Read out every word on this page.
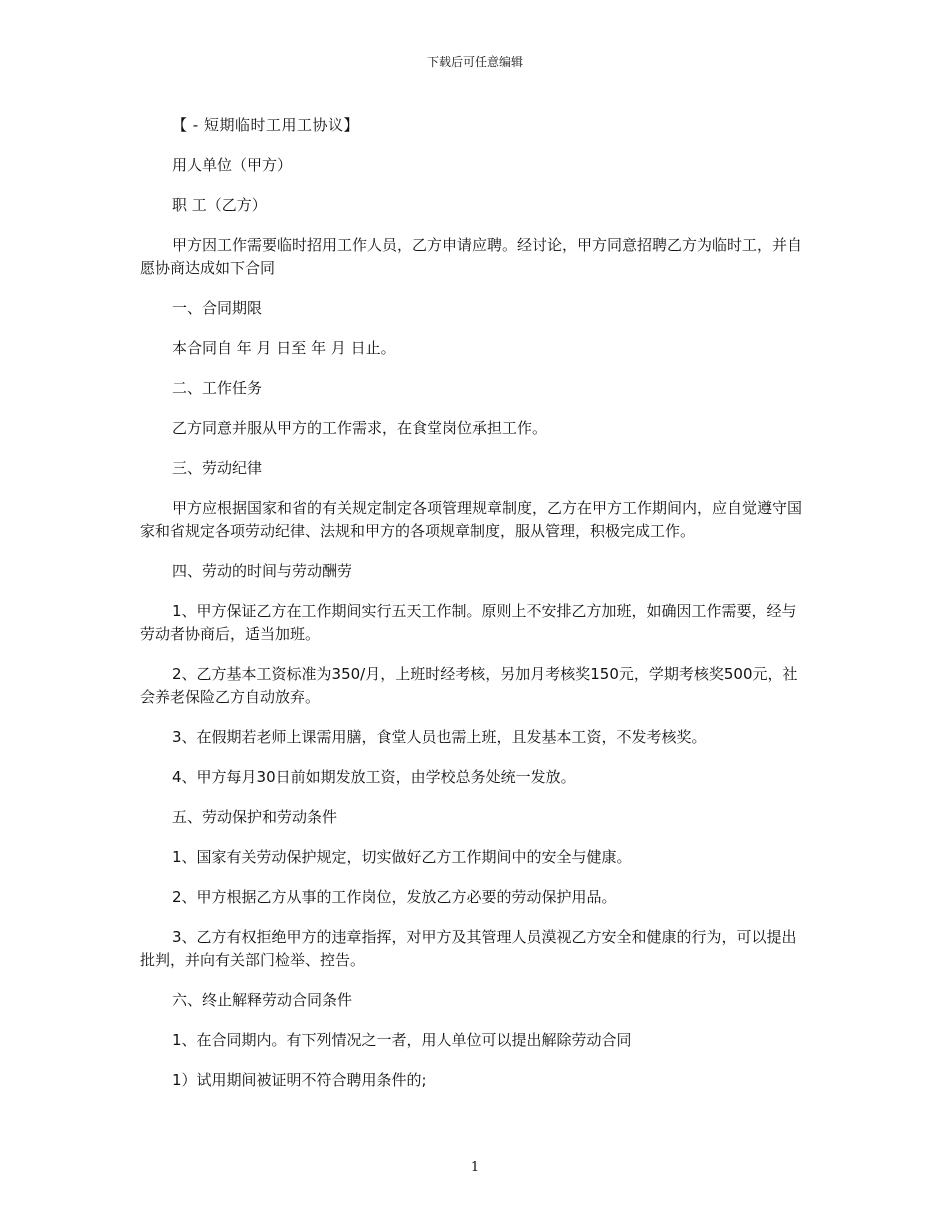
下载后可任意编辑

【 - 短期临时工用工协议】

用人单位（甲方）

职 工（乙方）

甲方因工作需要临时招用工作人员，乙方申请应聘。经讨论，甲方同意招聘乙方为临时工，并自愿协商达成如下合同

一、合同期限

本合同自 年 月 日至 年 月 日止。

二、工作任务

乙方同意并服从甲方的工作需求，在食堂岗位承担工作。

三、劳动纪律

甲方应根据国家和省的有关规定制定各项管理规章制度，乙方在甲方工作期间内，应自觉遵守国家和省规定各项劳动纪律、法规和甲方的各项规章制度，服从管理，积极完成工作。

四、劳动的时间与劳动酬劳

1、甲方保证乙方在工作期间实行五天工作制。原则上不安排乙方加班，如确因工作需要，经与劳动者协商后，适当加班。

2、乙方基本工资标准为350/月，上班时经考核，另加月考核奖150元，学期考核奖500元，社会养老保险乙方自动放弃。

3、在假期若老师上课需用膳，食堂人员也需上班，且发基本工资，不发考核奖。

4、甲方每月30日前如期发放工资，由学校总务处统一发放。

五、劳动保护和劳动条件

1、国家有关劳动保护规定，切实做好乙方工作期间中的安全与健康。

2、甲方根据乙方从事的工作岗位，发放乙方必要的劳动保护用品。

3、乙方有权拒绝甲方的违章指挥，对甲方及其管理人员漠视乙方安全和健康的行为，可以提出批判，并向有关部门检举、控告。

六、终止解释劳动合同条件

1、在合同期内。有下列情况之一者，用人单位可以提出解除劳动合同

1）试用期间被证明不符合聘用条件的;

1
